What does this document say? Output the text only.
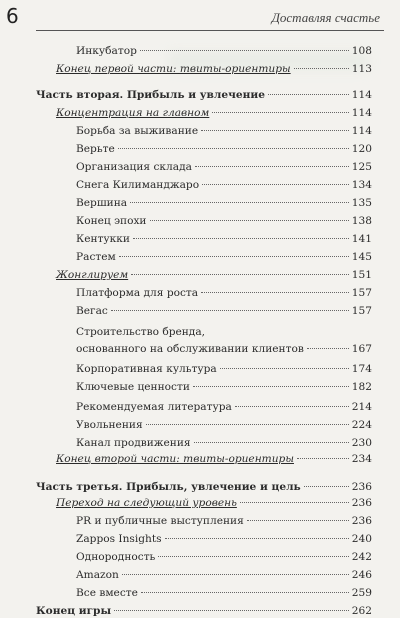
6	Доставляя счастье
Инкубатор	108
Конец первой части: твиты-ориентиры	113
Часть вторая. Прибыль и увлечение	114
Концентрация на главном	114
Борьба за выживание	114
Верьте	120
Организация склада	125
Снега Килиманджаро	134
Вершина	135
Конец эпохи	138
Кентукки	141
Растем	145
Жонглируем	151
Платформа для роста	157
Вегас	157
Строительство бренда,
основанного на обслуживании клиентов	167
Корпоративная культура	174
Ключевые ценности	182
Рекомендуемая литература	214
Увольнения	224
Канал продвижения	230
Конец второй части: твиты-ориентиры	234
Часть третья. Прибыль, увлечение и цель	236
Переход на следующий уровень	236
PR и публичные выступления	236
Zappos Insights	240
Однородность	242
Amazon	246
Все вместе	259
Конец игры	262
